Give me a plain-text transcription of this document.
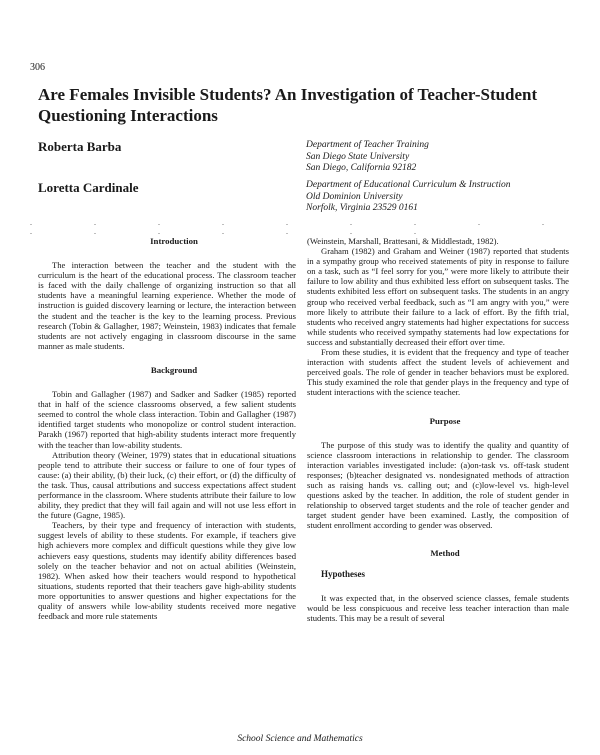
306
Are Females Invisible Students? An Investigation of Teacher-Student Questioning Interactions
Roberta Barba	Department of Teacher Training
San Diego State University
San Diego, California 92182
Loretta Cardinale	Department of Educational Curriculum & Instruction
Old Dominion University
Norfolk, Virginia 23529 0161
. . . . . . . . . . . . . . . .

Introduction

The interaction between the teacher and the student with the curriculum is the heart of the educational process. The classroom teacher is faced with the daily challenge of organizing instruction so that all students have a meaningful learning experience. Whether the mode of instruction is guided discovery learning or lecture, the interaction between the student and the teacher is the key to the learning process. Previous research (Tobin & Gallagher, 1987; Weinstein, 1983) indicates that female students are not actively engaging in classroom discourse in the same manner as male students.

Background

Tobin and Gallagher (1987) and Sadker and Sadker (1985) reported that in half of the science classrooms observed, a few salient students seemed to control the whole class interaction. Tobin and Gallagher (1987) identified target students who monopolize or control student interaction. Parakh (1967) reported that high-ability students interact more frequently with the teacher than low-ability students.

Attribution theory (Weiner, 1979) states that in educational situations people tend to attribute their success or failure to one of four types of cause: (a) their ability, (b) their luck, (c) their effort, or (d) the difficulty of the task. Thus, causal attributions and success expectations affect student performance in the classroom. Where students attribute their failure to low ability, they predict that they will fail again and will not use less effort in the future (Gagne, 1985).

Teachers, by their type and frequency of interaction with students, suggest levels of ability to these students. For example, if teachers give high achievers more complex and difficult questions while they give low achievers easy questions, students may identify ability differences based solely on the teacher behavior and not on actual abilities (Weinstein, 1982). When asked how their teachers would respond to hypothetical situations, students reported that their teachers gave high-ability students more opportunities to answer questions and higher expectations for the quality of answers while low-ability students received more negative feedback and more rule statements

(Weinstein, Marshall, Brattesani, & Middlestadt, 1982).

Graham (1982) and Graham and Weiner (1987) reported that students in a sympathy group who received statements of pity in response to failure on a task, such as “I feel sorry for you,” were more likely to attribute their failure to low ability and thus exhibited less effort on subsequent tasks. The students exhibited less effort on subsequent tasks. The students in an angry group who received verbal feedback, such as “I am angry with you,” were more likely to attribute their failure to a lack of effort. By the fifth trial, students who received angry statements had higher expectations for success while students who received sympathy statements had low expectations for success and substantially decreased their effort over time.

From these studies, it is evident that the frequency and type of teacher interaction with students affect the student levels of achievement and perceived goals. The role of gender in teacher behaviors must be explored. This study examined the role that gender plays in the frequency and type of student interactions with the science teacher.

Purpose

The purpose of this study was to identify the quality and quantity of science classroom interactions in relationship to gender. The classroom interaction variables investigated include: (a)on-task vs. off-task student responses; (b)teacher designated vs. nondesignated methods of attraction such as raising hands vs. calling out; and (c)low-level vs. high-level questions asked by the teacher. In addition, the role of student gender in relationship to observed target students and the role of teacher gender and target student gender have been examined. Lastly, the composition of student enrollment according to gender was observed.

Method

Hypotheses

It was expected that, in the observed science classes, female students would be less conspicuous and receive less teacher interaction than male students. This may be a result of several

School Science and Mathematics
